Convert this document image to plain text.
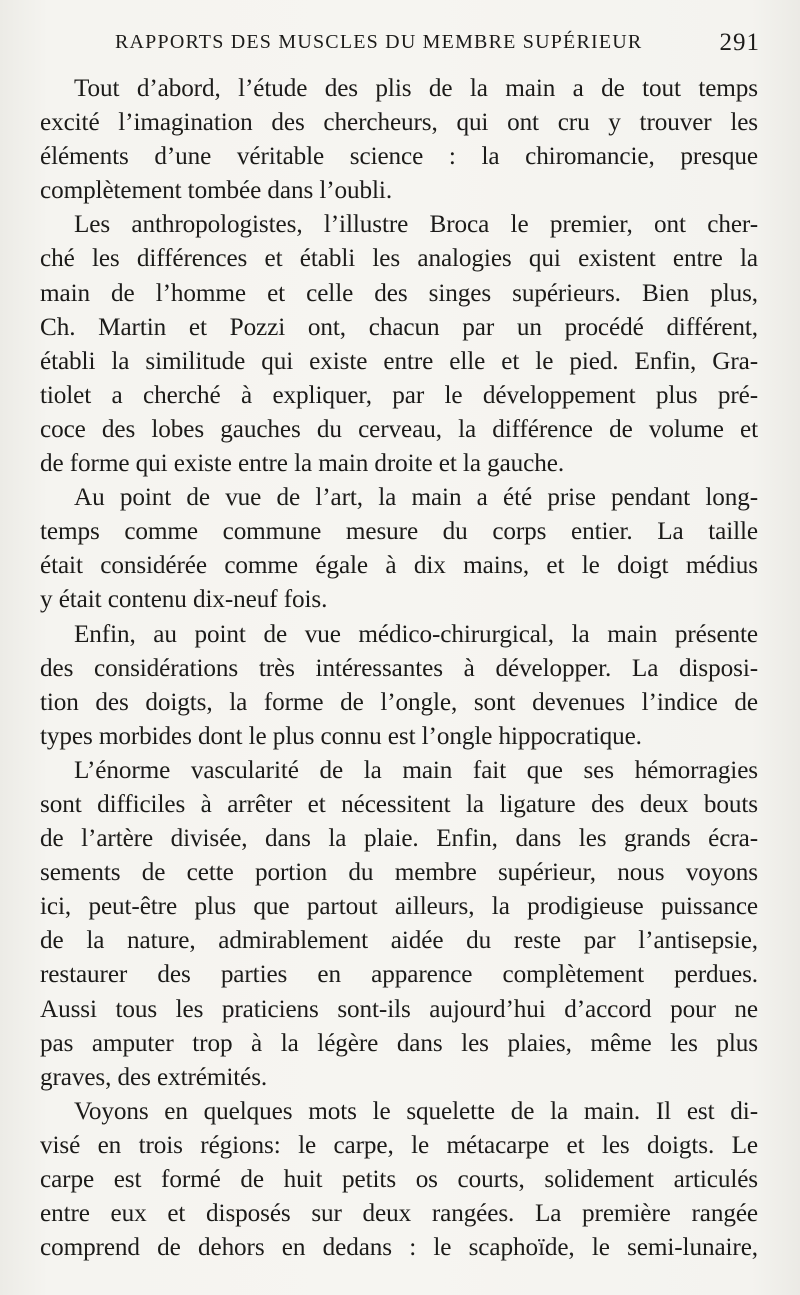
RAPPORTS DES MUSCLES DU MEMBRE SUPÉRIEUR	291
Tout d’abord, l’étude des plis de la main a de tout temps
excité l’imagination des chercheurs, qui ont cru y trouver les
éléments d’une véritable science : la chiromancie, presque
complètement tombée dans l’oubli.
Les anthropologistes, l’illustre Broca le premier, ont cher-
ché les différences et établi les analogies qui existent entre la
main de l’homme et celle des singes supérieurs. Bien plus,
Ch. Martin et Pozzi ont, chacun par un procédé différent,
établi la similitude qui existe entre elle et le pied. Enfin, Gra-
tiolet a cherché à expliquer, par le développement plus pré-
coce des lobes gauches du cerveau, la différence de volume et
de forme qui existe entre la main droite et la gauche.
Au point de vue de l’art, la main a été prise pendant long-
temps comme commune mesure du corps entier. La taille
était considérée comme égale à dix mains, et le doigt médius
y était contenu dix-neuf fois.
Enfin, au point de vue médico-chirurgical, la main présente
des considérations très intéressantes à développer. La disposi-
tion des doigts, la forme de l’ongle, sont devenues l’indice de
types morbides dont le plus connu est l’ongle hippocratique.
L’énorme vascularité de la main fait que ses hémorragies
sont difficiles à arrêter et nécessitent la ligature des deux bouts
de l’artère divisée, dans la plaie. Enfin, dans les grands écra-
sements de cette portion du membre supérieur, nous voyons
ici, peut-être plus que partout ailleurs, la prodigieuse puissance
de la nature, admirablement aidée du reste par l’antisepsie,
restaurer des parties en apparence complètement perdues.
Aussi tous les praticiens sont-ils aujourd’hui d’accord pour ne
pas amputer trop à la légère dans les plaies, même les plus
graves, des extrémités.
Voyons en quelques mots le squelette de la main. Il est di-
visé en trois régions: le carpe, le métacarpe et les doigts. Le
carpe est formé de huit petits os courts, solidement articulés
entre eux et disposés sur deux rangées. La première rangée
comprend de dehors en dedans : le scaphoïde, le semi-lunaire,
